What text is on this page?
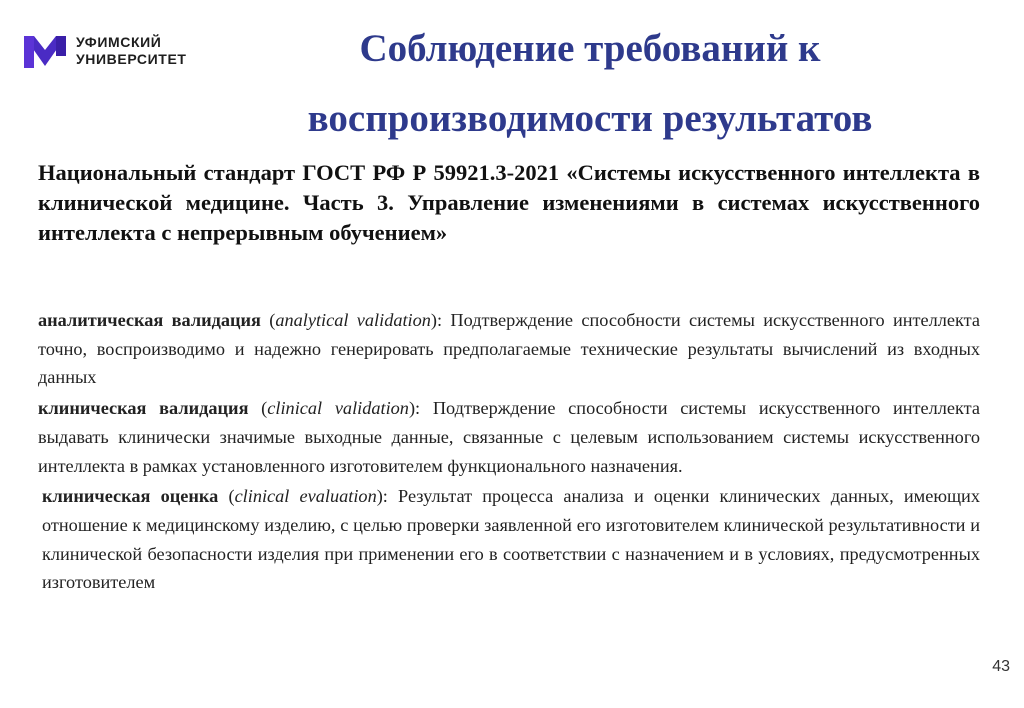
УФИМСКИЙ
УНИВЕРСИТЕТ	Соблюдение требований к
воспроизводимости результатов
Национальный стандарт ГОСТ РФ Р 59921.3-2021 «Системы искусственного интеллекта в клинической медицине. Часть 3. Управление изменениями в системах искусственного интеллекта с непрерывным обучением»

аналитическая валидация (analytical validation): Подтверждение способности системы искусственного интеллекта точно, воспроизводимо и надежно генерировать предполагаемые технические результаты вычислений из входных данных

клиническая валидация (clinical validation): Подтверждение способности системы искусственного интеллекта выдавать клинически значимые выходные данные, связанные с целевым использованием системы искусственного интеллекта в рамках установленного изготовителем функционального назначения.

клиническая оценка (clinical evaluation): Результат процесса анализа и оценки клинических данных, имеющих отношение к медицинскому изделию, с целью проверки заявленной его изготовителем клинической результативности и клинической безопасности изделия при применении его в соответствии с назначением и в условиях, предусмотренных изготовителем

43
